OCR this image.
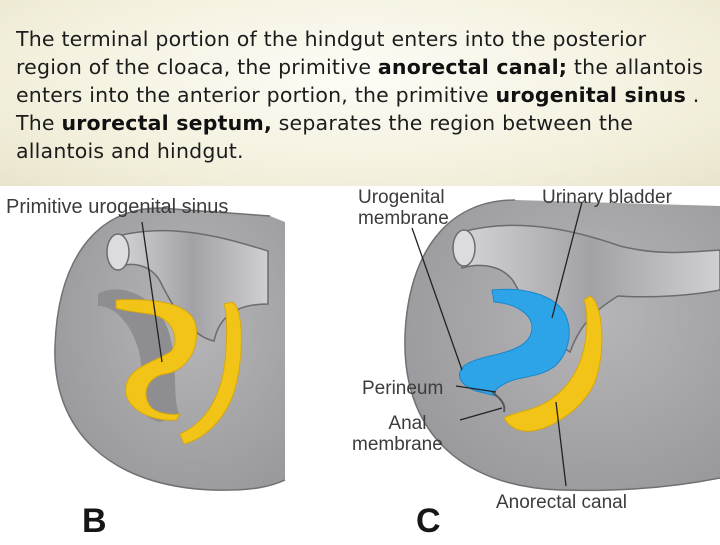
The terminal portion of the hindgut enters into the posterior region of the cloaca, the primitive anorectal canal; the allantois enters into the anterior portion, the primitive urogenital sinus . The urorectal septum, separates the region between the allantois and hindgut.

Primitive urogenital sinus	Urogenital
membrane
Urinary bladder
Perineum
Anal
membrane
Anorectal canal
B	C
